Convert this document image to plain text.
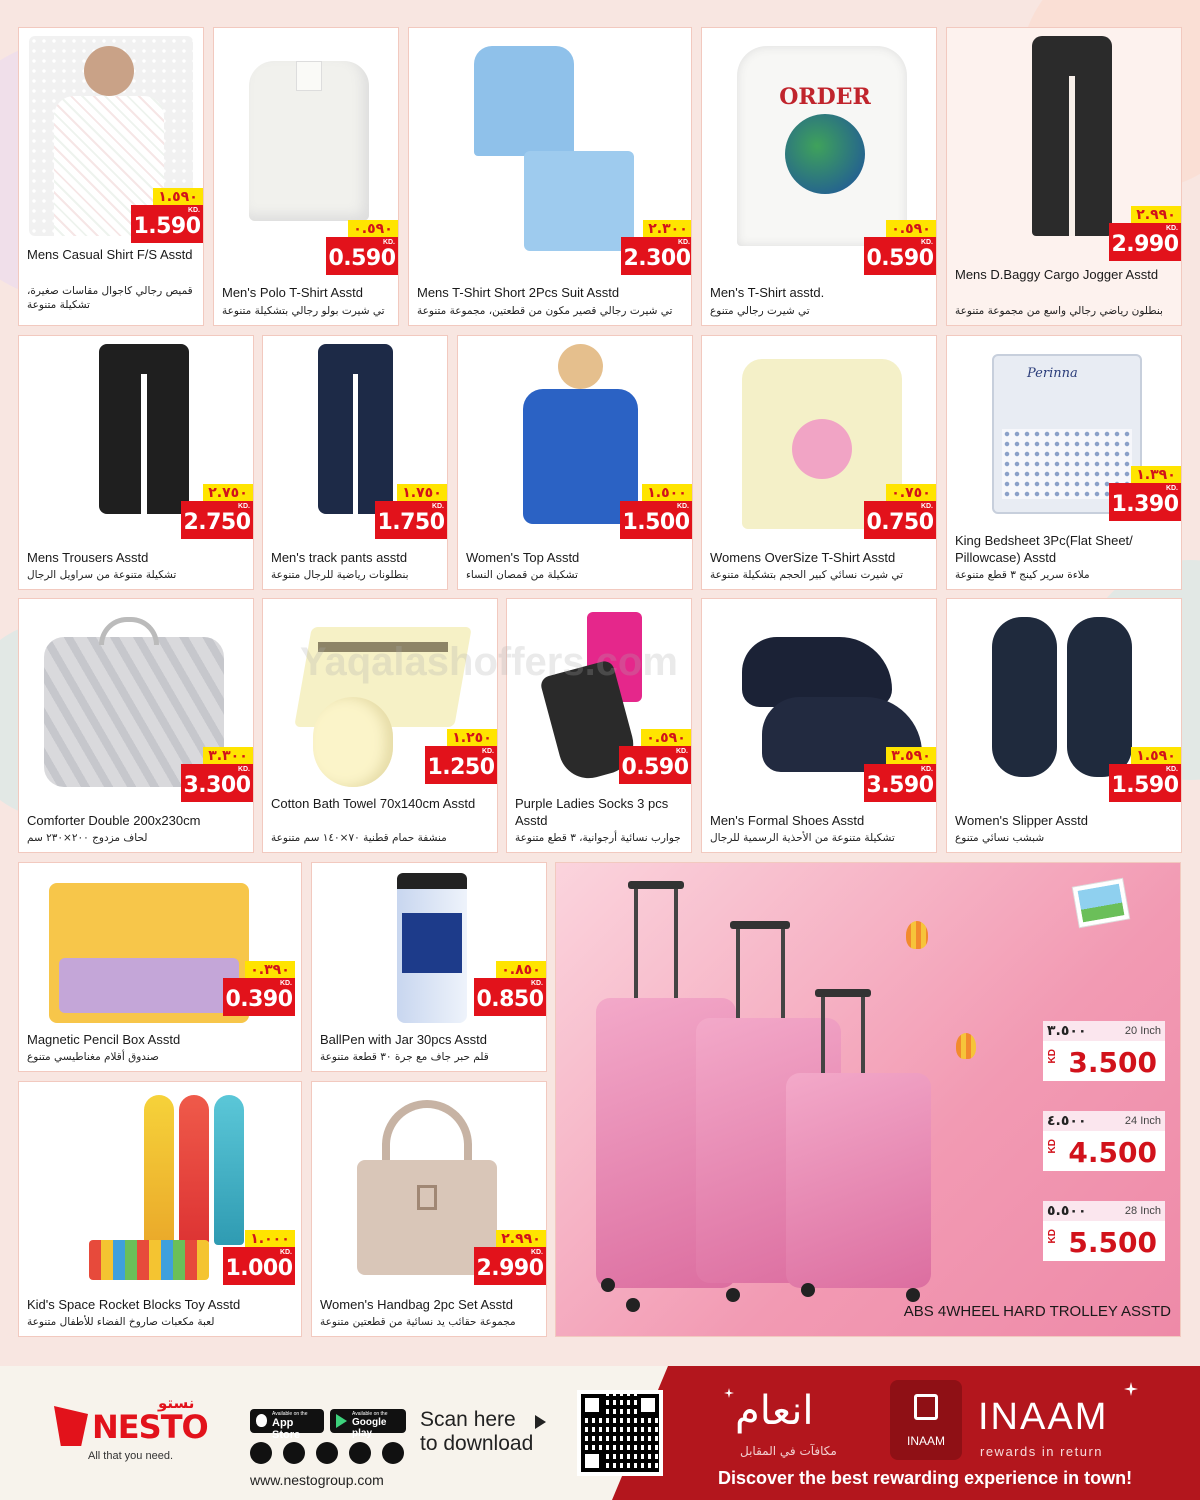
١.٥٩٠
1.590
KD.
Mens Casual Shirt F/S Asstd
قميص رجالي كاجوال مقاسات صغيرة، تشكيلة متنوعة
٠.٥٩٠
0.590
KD.
Men's Polo T-Shirt Asstd
تي شيرت بولو رجالي بتشكيلة متنوعة
٢.٣٠٠
2.300
KD.
Mens T-Shirt Short 2Pcs Suit Asstd
تي شيرت رجالي قصير مكون من قطعتين، مجموعة متنوعة
ORDER
٠.٥٩٠
0.590
KD.
Men's T-Shirt asstd.
تي شيرت رجالي متنوع
٢.٩٩٠
2.990
KD.
Mens D.Baggy Cargo Jogger Asstd
بنطلون رياضي رجالي واسع من مجموعة متنوعة
٢.٧٥٠
2.750
KD.
Mens Trousers Asstd
تشكيلة متنوعة من سراويل الرجال
١.٧٥٠
1.750
KD.
Men's track pants asstd
بنطلونات رياضية للرجال متنوعة
١.٥٠٠
1.500
KD.
Women's Top Asstd
تشكيلة من قمصان النساء
٠.٧٥٠
0.750
KD.
Womens OverSize T-Shirt Asstd
تي شيرت نسائي كبير الحجم بتشكيلة متنوعة
Perinna
١.٣٩٠
1.390
KD.
King Bedsheet 3Pc(Flat Sheet/ Pillowcase) Asstd
ملاءة سرير كينج ٣ قطع متنوعة
٣.٣٠٠
3.300
KD.
Comforter Double 200x230cm
لحاف مزدوج ٢٠٠×٢٣٠ سم
١.٢٥٠
1.250
KD.
Cotton Bath Towel 70x140cm Asstd
منشفة حمام قطنية ٧٠×١٤٠ سم متنوعة
٠.٥٩٠
0.590
KD.
Purple Ladies Socks 3 pcs Asstd
جوارب نسائية أرجوانية، ٣ قطع متنوعة
٣.٥٩٠
3.590
KD.
Men's Formal Shoes Asstd
تشكيلة متنوعة من الأحذية الرسمية للرجال
١.٥٩٠
1.590
KD.
Women's Slipper Asstd
شبشب نسائي متنوع
Yaqalashoffers.com
٠.٣٩٠
0.390
KD.
Magnetic Pencil Box Asstd
صندوق أقلام مغناطيسي متنوع
٠.٨٥٠
0.850
KD.
BallPen with Jar 30pcs Asstd
قلم حبر جاف مع جرة ٣٠ قطعة متنوعة
١.٠٠٠
1.000
KD.
Kid's Space Rocket Blocks Toy Asstd
لعبة مكعبات صاروخ الفضاء للأطفال متنوعة
٢.٩٩٠
2.990
KD.
Women's Handbag 2pc Set Asstd
مجموعة حقائب يد نسائية من قطعتين متنوعة
ABS 4WHEEL HARD TROLLEY ASSTD
٣.٥٠٠	20 Inch
KD 3.500
٤.٥٠٠	24 Inch
KD 4.500
٥.٥٠٠	28 Inch
KD 5.500
نستو
NESTO
All that you need.
Available on the
App Store
Available on the
Google play
www.nestogroup.com
Scan here
to download
انعام
مكافآت في المقابل
INAAM
INAAM
rewards in return
Discover the best rewarding experience in town!
